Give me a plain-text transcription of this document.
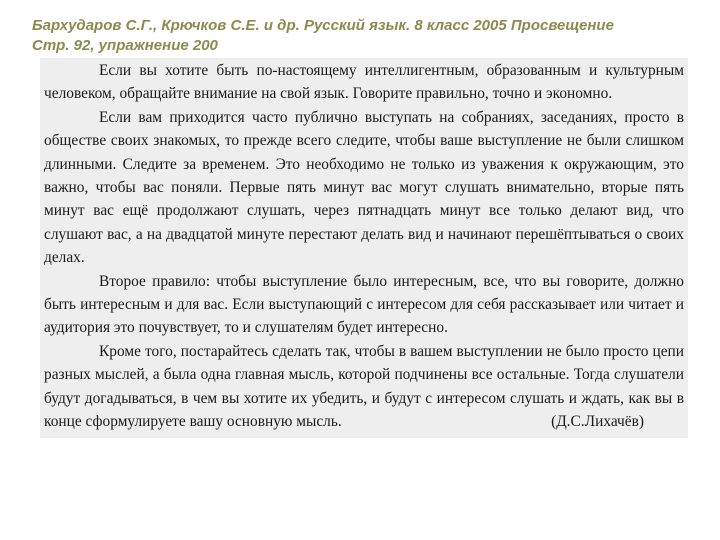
Бархударов С.Г., Крючков С.Е. и др. Русский язык. 8 класс 2005 Просвещение
Стр. 92, упражнение 200

Если вы хотите быть по-настоящему интеллигентным, образованным и культурным человеком, обращайте внимание на свой язык. Говорите правильно, точно и экономно.

Если вам приходится часто публично выступать на собраниях, заседаниях, просто в обществе своих знакомых, то прежде всего следите, чтобы ваше выступление не были слишком длинными. Следите за временем. Это необходимо не только из уважения к окружающим, это важно, чтобы вас поняли. Первые пять минут вас могут слушать внимательно, вторые пять минут вас ещё продолжают слушать, через пятнадцать минут все только делают вид, что слушают вас, а на двадцатой минуте перестают делать вид и начинают перешёптываться о своих делах.

Второе правило: чтобы выступление было интересным, все, что вы говорите, должно быть интересным и для вас. Если выступающий с интересом для себя рассказывает или читает и аудитория это почувствует, то и слушателям будет интересно.

Кроме того, постарайтесь сделать так, чтобы в вашем выступлении не было просто цепи разных мыслей, а была одна главная мысль, которой подчинены все остальные. Тогда слушатели будут догадываться, в чем вы хотите их убедить, и будут с интересом слушать и ждать, как вы в конце сформулируете вашу основную мысль.	(Д.С.Лихачёв)
